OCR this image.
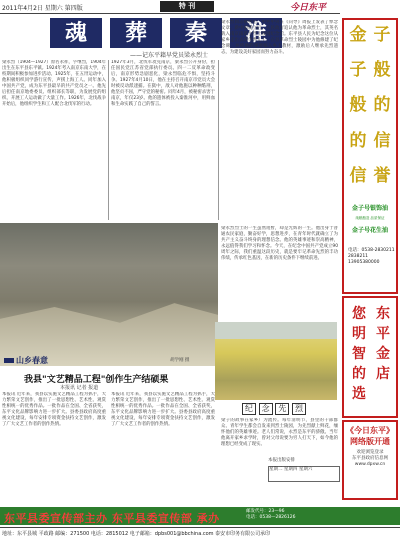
2011年4月2日 星期六 第四版	特 刊	今日东平
魂	葬	秦	淮
——记东平籍早党员梁永烈士
梁永烈（1904—1927）原名永祥，字继烈，1904年出生在东平县东平镇。1924年考入南京东南大学，在校期间积极参加进步活动。1925年，在五卅运动中，他积极组织同学游行宣传，声援上海工人。同年加入中国共产党，成为东平县最早的共产党员之一。他先后担任南京地委委员、组织部长等职，为发展党的组织、开展工人运动做了大量工作。1926年，北伐战争开始后，他组织学生和工人配合北伐军的行动。
1927年3月，北伐军攻克南京，梁永烈公开身份，担任国民党江苏省党部执行委员。四一二反革命政变后，南京形势急剧恶化，梁永烈临危不惧，坚持斗争。1927年4月10日，他在主持召开南京市党员大会时被反动派逮捕。在狱中，敌人对他施以种种酷刑，他坚贞不屈，严守党的秘密。同年4月，被秘密杀害于南京，年仅23岁。他的遗体被投入秦淮河中，用鲜血和生命实践了自己的誓言。
梁永烈同志牺牲后，中共中央在《向导》周报上发表了悼念文章。新中国成立后，人民政府追认他为革命烈士，其英名载入南京雨花台烈士陵园纪念馆。东平县人民为纪念这位从家乡走出去的优秀儿子，在县革命烈士陵园中为他修建了纪念碑，并将他的事迹编入乡土教材，激励后人继承先烈遗志，为建设美好家园而努力奋斗。
梁永烈烈士的一生虽然短暂，却是光辉的一生。他出身于普通农民家庭，勤奋好学，思想进步，在青年时代就确立了为共产主义奋斗终身的理想信念。他的英雄事迹和崇高精神，永远值得我们学习和怀念。今天，在纪念中国共产党成立90周年之际，我们重温这段历史，就是要牢记革命先烈的丰功伟绩，传承红色基因，在新的历史条件下继续前进。
山乡春意	胡学刚 摄
我县"文艺精品工程"创作生产结硕果
本报讯 记者 报道
本报讯 近年来，我县以实施文艺精品工程为抓手，大力繁荣文艺创作，推出了一批思想性、艺术性、观赏性相统一的优秀作品。一批作品在全国、全省获奖，东平文化品牌影响力进一步扩大。县委县政府高度重视文化建设，每年安排专项资金扶持文艺创作，激发了广大文艺工作者的创作热情。
本报讯 近年来，我县以实施文艺精品工程为抓手，大力繁荣文艺创作，推出了一批思想性、艺术性、观赏性相统一的优秀作品。一批作品在全国、全省获奖，东平文化品牌影响力进一步扩大。县委县政府高度重视文化建设，每年安排专项资金扶持文艺创作，激发了广大文艺工作者的创作热情。
纪	念	先	烈
梁子的故事在家乡广为流传。每年清明节，县里的干部群众、青年学生都会自发来到烈士陵园，为先烈献上鲜花，缅怀他们的英雄事迹。老人们常说，永烈是东平的骄傲。当年他离开家乡求学时，曾对父母说要为穷人打天下，如今他的理想已经变成了现实。
本报出版安排
星期二 星期四 星期六
金 子
子 般
般 的
的 信
信 誉
金子号银饰油
纯粮酿造 品质保证
金子号花生油
电话：0538-2830211
2838211
13905380000
您
明
智
的
选
东
平
金
店
《今日东平》
网络版开通
欢迎浏览登录
东平县政府信息网
www.dpxw.cn
东平县委宣传部主办 东平县委宣传部 承办
邮发代号：23—96
电话：0538—2826126
地址：东平县城 平政路 邮编：271500 电话：2815012 电子邮箱：dpbs001@bbchina.com 泰安市印务有限公司承印
